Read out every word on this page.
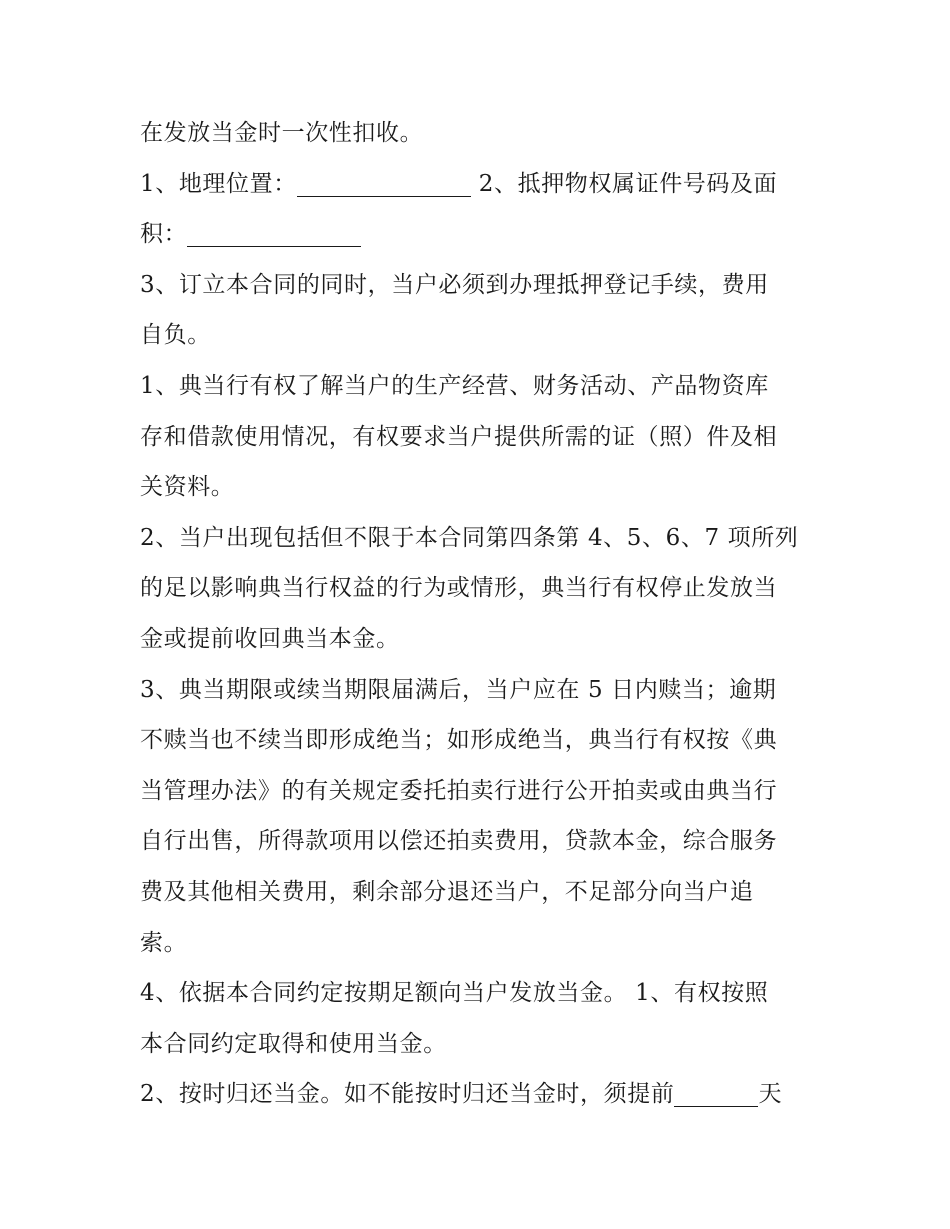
在发放当金时一次性扣收。
1、地理位置：	2、抵押物权属证件号码及面
积：
3、订立本合同的同时，当户必须到办理抵押登记手续，费用
自负。
1、典当行有权了解当户的生产经营、财务活动、产品物资库
存和借款使用情况，有权要求当户提供所需的证（照）件及相
关资料。
2、当户出现包括但不限于本合同第四条第 4、5、6、7 项所列
的足以影响典当行权益的行为或情形，典当行有权停止发放当
金或提前收回典当本金。
3、典当期限或续当期限届满后，当户应在 5 日内赎当；逾期
不赎当也不续当即形成绝当；如形成绝当，典当行有权按《典
当管理办法》的有关规定委托拍卖行进行公开拍卖或由典当行
自行出售，所得款项用以偿还拍卖费用，贷款本金，综合服务
费及其他相关费用，剩余部分退还当户，不足部分向当户追
索。
4、依据本合同约定按期足额向当户发放当金。 1、有权按照
本合同约定取得和使用当金。
2、按时归还当金。如不能按时归还当金时，须提前	天
